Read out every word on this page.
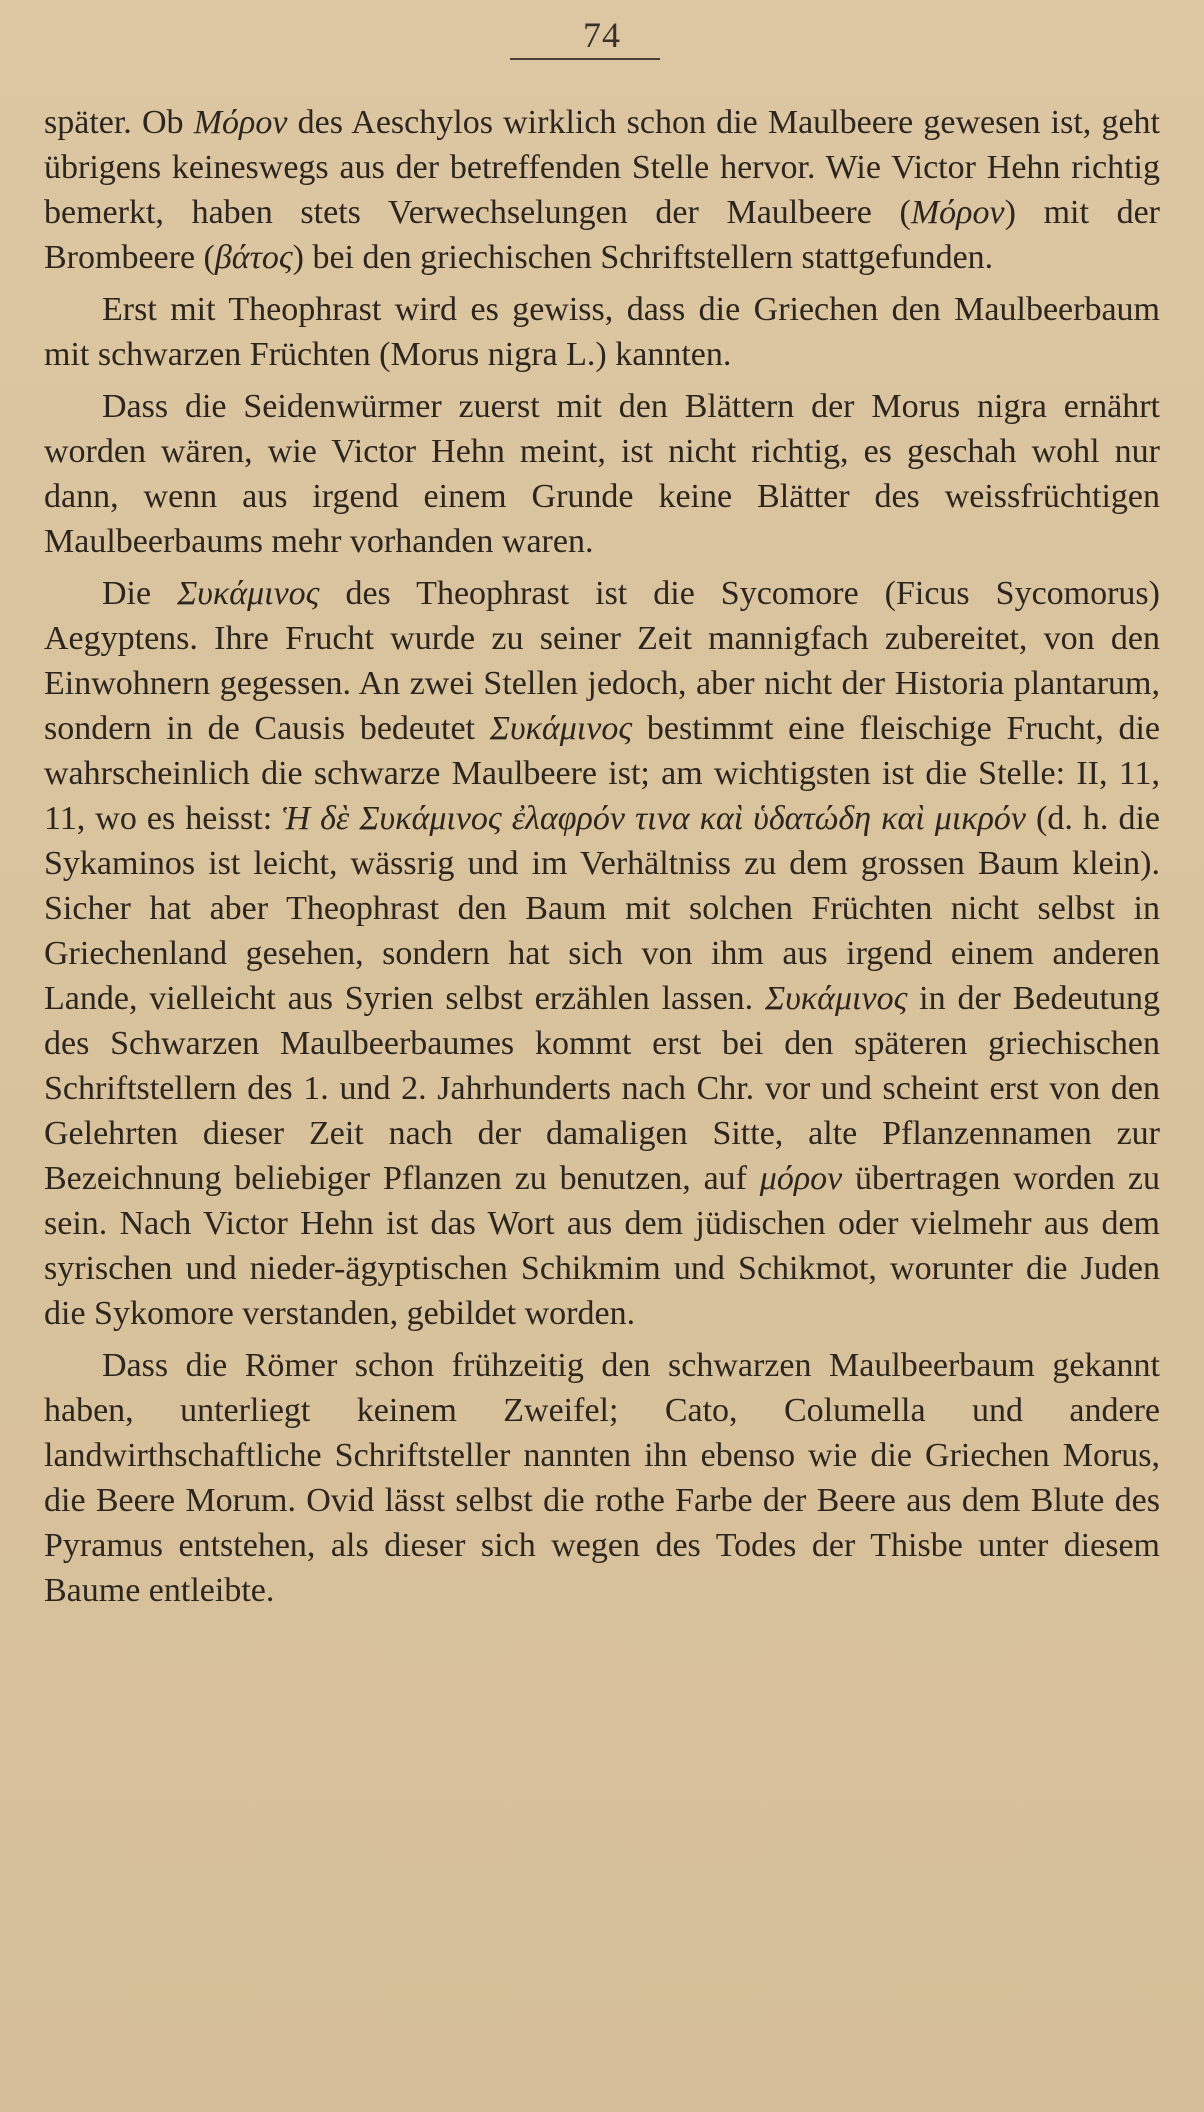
74

später. Ob Μόρον des Aeschylos wirklich schon die Maulbeere gewesen ist, geht übrigens keineswegs aus der betreffenden Stelle hervor. Wie Victor Hehn richtig bemerkt, haben stets Verwechselungen der Maulbeere (Μόρον) mit der Brombeere (βάτος) bei den griechischen Schriftstellern stattgefunden.

Erst mit Theophrast wird es gewiss, dass die Griechen den Maulbeerbaum mit schwarzen Früchten (Morus nigra L.) kannten.

Dass die Seidenwürmer zuerst mit den Blättern der Morus nigra ernährt worden wären, wie Victor Hehn meint, ist nicht richtig, es geschah wohl nur dann, wenn aus irgend einem Grunde keine Blätter des weissfrüchtigen Maulbeerbaums mehr vorhanden waren.

Die Συκάμινος des Theophrast ist die Sycomore (Ficus Sycomorus) Aegyptens. Ihre Frucht wurde zu seiner Zeit mannigfach zubereitet, von den Einwohnern gegessen. An zwei Stellen jedoch, aber nicht der Historia plantarum, sondern in de Causis bedeutet Συκάμινος bestimmt eine fleischige Frucht, die wahrscheinlich die schwarze Maulbeere ist; am wichtigsten ist die Stelle: II, 11, 11, wo es heisst: Ἡ δὲ Συκάμινος ἐλαφρόν τινα καὶ ὑδατώδη καὶ μικρόν (d. h. die Sykaminos ist leicht, wässrig und im Verhältniss zu dem grossen Baum klein). Sicher hat aber Theophrast den Baum mit solchen Früchten nicht selbst in Griechenland gesehen, sondern hat sich von ihm aus irgend einem anderen Lande, vielleicht aus Syrien selbst erzählen lassen. Συκάμινος in der Bedeutung des Schwarzen Maulbeerbaumes kommt erst bei den späteren griechischen Schriftstellern des 1. und 2. Jahrhunderts nach Chr. vor und scheint erst von den Gelehrten dieser Zeit nach der damaligen Sitte, alte Pflanzennamen zur Bezeichnung beliebiger Pflanzen zu benutzen, auf μόρον übertragen worden zu sein. Nach Victor Hehn ist das Wort aus dem jüdischen oder vielmehr aus dem syrischen und nieder-ägyptischen Schikmim und Schikmot, worunter die Juden die Sykomore verstanden, gebildet worden.

Dass die Römer schon frühzeitig den schwarzen Maulbeerbaum gekannt haben, unterliegt keinem Zweifel; Cato, Columella und andere landwirthschaftliche Schriftsteller nannten ihn ebenso wie die Griechen Morus, die Beere Morum. Ovid lässt selbst die rothe Farbe der Beere aus dem Blute des Pyramus entstehen, als dieser sich wegen des Todes der Thisbe unter diesem Baume entleibte.
